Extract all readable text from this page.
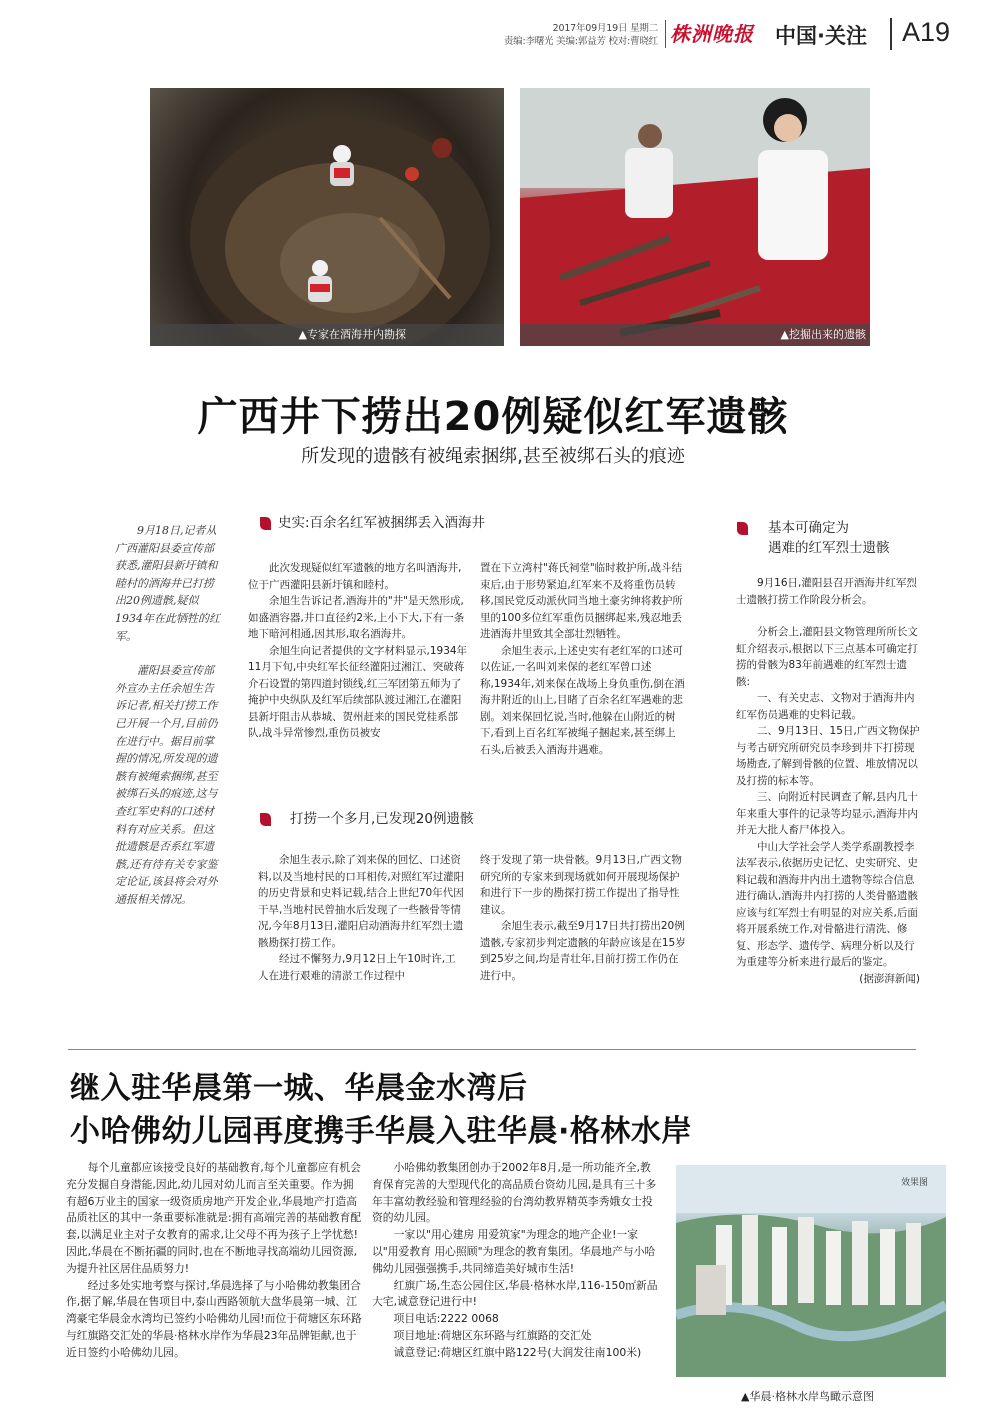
2017年09月19日 星期二
责编:李曙光 美编:郭益芳 校对:曹晓红 株洲晚报 中国·关注 A19
▲专家在酒海井内勘探	▲挖掘出来的遗骸
广西井下捞出20例疑似红军遗骸
所发现的遗骸有被绳索捆绑,甚至被绑石头的痕迹

9月18日,记者从广西灌阳县委宣传部获悉,灌阳县新圩镇和睦村的酒海井已打捞出20例遗骸,疑似1934年在此牺牲的红军。

灌阳县委宣传部外宣办主任余旭生告诉记者,相关打捞工作已开展一个月,目前仍在进行中。据目前掌握的情况,所发现的遗骸有被绳索捆绑,甚至被绑石头的痕迹,这与查红军史料的口述材料有对应关系。但这批遗骸是否系红军遗骸,还有待有关专家鉴定论证,该县将会对外通报相关情况。

史实:百余名红军被捆绑丢入酒海井

此次发现疑似红军遗骸的地方名叫酒海井,位于广西灌阳县新圩镇和睦村。

余旭生告诉记者,酒海井的"井"是天然形成,如盛酒容器,井口直径约2米,上小下大,下有一条地下暗河相通,因其形,取名酒海井。

余旭生向记者提供的文字材料显示,1934年11月下旬,中央红军长征经灌阳过湘江、突破蒋介石设置的第四道封锁线,红三军团第五师为了掩护中央纵队及红军后续部队渡过湘江,在灌阳县新圩阻击从恭城、贺州赶来的国民党桂系部队,战斗异常惨烈,重伤员被安

置在下立湾村"蒋氏祠堂"临时救护所,战斗结束后,由于形势紧迫,红军来不及将重伤员转移,国民党反动派伙同当地土豪劣绅将救护所里的100多位红军重伤员捆绑起来,残忍地丢进酒海井里致其全部壮烈牺牲。

余旭生表示,上述史实有老红军的口述可以佐证,一名叫刘来保的老红军曾口述称,1934年,刘来保在战场上身负重伤,倒在酒海井附近的山上,目睹了百余名红军遇难的悲剧。刘来保回忆说,当时,他躲在山附近的树下,看到上百名红军被绳子捆起来,甚至绑上石头,后被丢入酒海井遇难。

打捞一个多月,已发现20例遗骸

余旭生表示,除了刘来保的回忆、口述资料,以及当地村民的口耳相传,对照红军过灌阳的历史背景和史料记载,结合上世纪70年代因干旱,当地村民曾抽水后发现了一些骸骨等情况,今年8月13日,灌阳启动酒海井红军烈士遗骸勘探打捞工作。

经过不懈努力,9月12日上午10时许,工人在进行艰难的清淤工作过程中

终于发现了第一块骨骸。9月13日,广西文物研究所的专家来到现场就如何开展现场保护和进行下一步的勘探打捞工作提出了指导性建议。

余旭生表示,截至9月17日共打捞出20例遗骸,专家初步判定遗骸的年龄应该是在15岁到25岁之间,均是青壮年,目前打捞工作仍在进行中。

基本可确定为
遇难的红军烈士遗骸

9月16日,灌阳县召开酒海井红军烈士遗骸打捞工作阶段分析会。

分析会上,灌阳县文物管理所所长文虹介绍表示,根据以下三点基本可确定打捞的骨骸为83年前遇难的红军烈士遗骸:

一、有关史志、文物对于酒海井内红军伤员遇难的史料记载。

二、9月13日、15日,广西文物保护与考古研究所研究员李珍到井下打捞现场勘查,了解到骨骸的位置、堆放情况以及打捞的标本等。

三、向附近村民调查了解,县内几十年来重大事件的记录等均显示,酒海井内并无大批人畜尸体投入。

中山大学社会学人类学系副教授李法军表示,依据历史记忆、史实研究、史料记载和酒海井内出土遗物等综合信息进行确认,酒海井内打捞的人类骨骼遗骸应该与红军烈士有明显的对应关系,后面将开展系统工作,对骨骼进行清洗、修复、形态学、遗传学、病理分析以及行为重建等分析来进行最后的鉴定。

(据澎湃新闻)

继入驻华晨第一城、华晨金水湾后
小哈佛幼儿园再度携手华晨入驻华晨·格林水岸

每个儿童都应该接受良好的基础教育,每个儿童都应有机会充分发掘自身潜能,因此,幼儿园对幼儿而言至关重要。作为拥有超6万业主的国家一级资质房地产开发企业,华晨地产打造高品质社区的其中一条重要标准就是:拥有高端完善的基础教育配套,以满足业主对子女教育的需求,让父母不再为孩子上学忧愁!因此,华晨在不断拓疆的同时,也在不断地寻找高端幼儿园资源,为提升社区居住品质努力!

经过多处实地考察与探讨,华晨选择了与小哈佛幼教集团合作,据了解,华晨在售项目中,泰山西路领航大盘华晨第一城、江湾豪宅华晨金水湾均已签约小哈佛幼儿园!而位于荷塘区东环路与红旗路交汇处的华晨·格林水岸作为华晨23年品牌钜献,也于近日签约小哈佛幼儿园。

小哈佛幼教集团创办于2002年8月,是一所功能齐全,教育保育完善的大型现代化的高品质台资幼儿园,是具有三十多年丰富幼教经验和管理经验的台湾幼教界精英李秀娥女士投资的幼儿园。

一家以"用心建房 用爱筑家"为理念的地产企业!一家以"用爱教育 用心照顾"为理念的教育集团。华晨地产与小哈佛幼儿园强强携手,共同缔造美好城市生活!

红旗广场,生态公园住区,华晨·格林水岸,116-150㎡新品大宅,诚意登记进行中!

项目电话:2222 0068

项目地址:荷塘区东环路与红旗路的交汇处

诚意登记:荷塘区红旗中路122号(大润发往南100米)

效果图
▲华晨·格林水岸鸟瞰示意图
